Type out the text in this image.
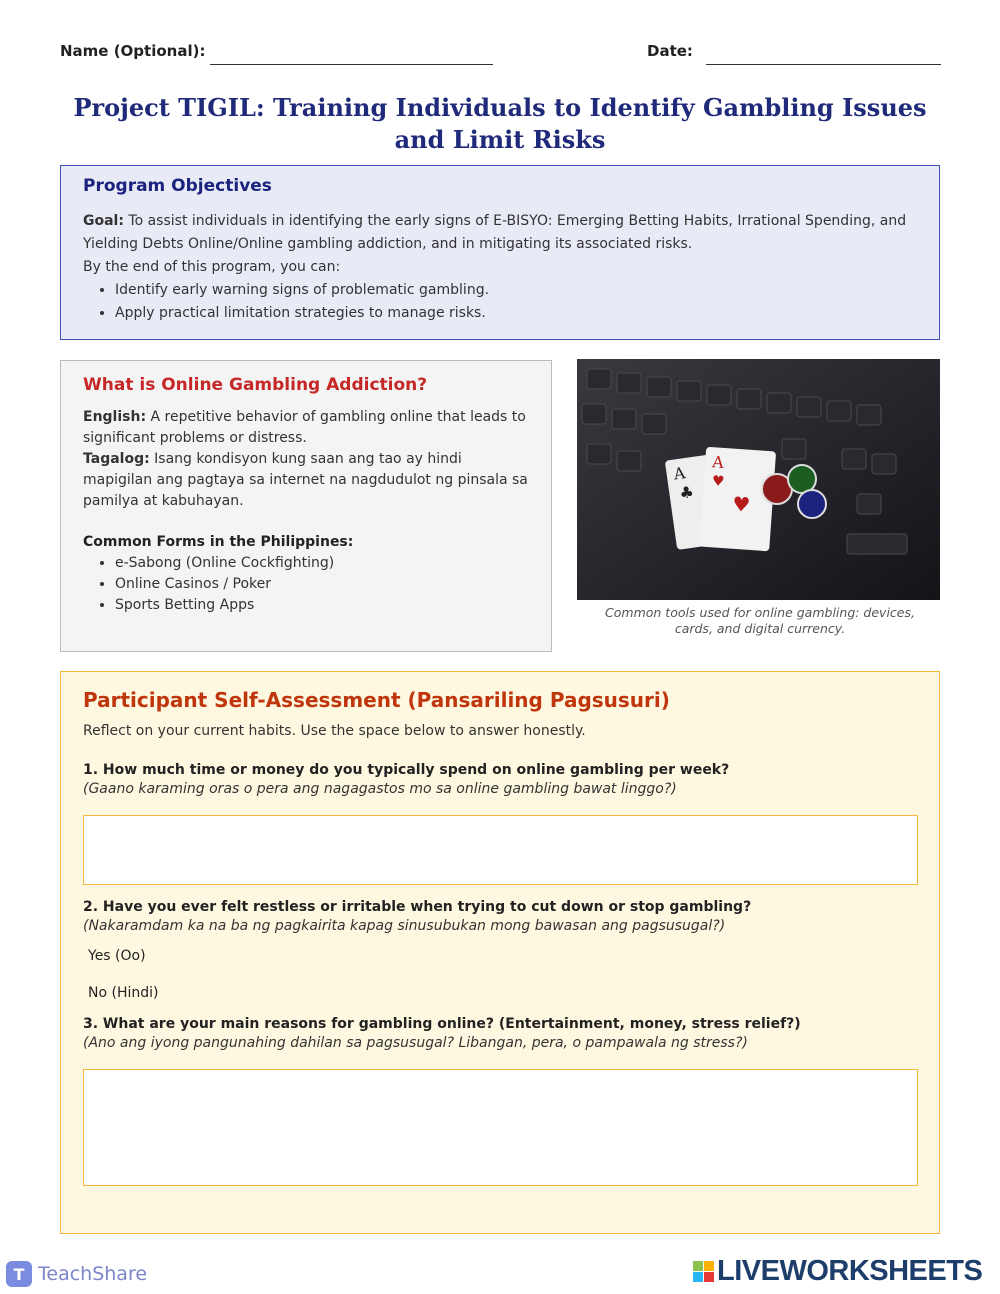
Name (Optional):	Date:
Project TIGIL: Training Individuals to Identify Gambling Issues and Limit Risks
Program Objectives

Goal: To assist individuals in identifying the early signs of E-BISYO: Emerging Betting Habits, Irrational Spending, and Yielding Debts Online/Online gambling addiction, and in mitigating its associated risks.

By the end of this program, you can:

• Identify early warning signs of problematic gambling.
• Apply practical limitation strategies to manage risks.
What is Online Gambling Addiction?

English: A repetitive behavior of gambling online that leads to significant problems or distress.

Tagalog: Isang kondisyon kung saan ang tao ay hindi mapigilan ang pagtaya sa internet na nagdudulot ng pinsala sa pamilya at kabuhayan.

Common Forms in the Philippines:

• e-Sabong (Online Cockfighting)
• Online Casinos / Poker
• Sports Betting Apps
A
♣
A
♥
♥
Common tools used for online gambling: devices, cards, and digital currency.
Participant Self-Assessment (Pansariling Pagsusuri)

Reflect on your current habits. Use the space below to answer honestly.

1. How much time or money do you typically spend on online gambling per week?
(Gaano karaming oras o pera ang nagagastos mo sa online gambling bawat linggo?)
2. Have you ever felt restless or irritable when trying to cut down or stop gambling?
(Nakaramdam ka na ba ng pagkairita kapag sinusubukan mong bawasan ang pagsusugal?)
Yes (Oo)
No (Hindi)
3. What are your main reasons for gambling online? (Entertainment, money, stress relief?)
(Ano ang iyong pangunahing dahilan sa pagsusugal? Libangan, pera, o pampawala ng stress?)
T TeachShare	LIVEWORKSHEETS
